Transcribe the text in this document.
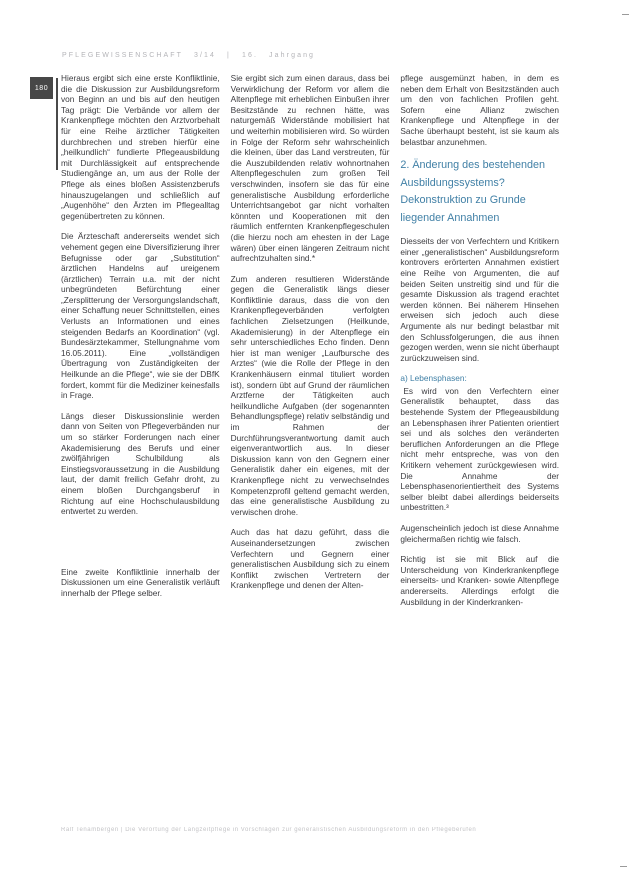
PFLEGEWISSENSCHAFT 3/14 | 16. Jahrgang
180

Hieraus ergibt sich eine erste Konfliktlinie, die die Diskussion zur Ausbildungsreform von Beginn an und bis auf den heutigen Tag prägt: Die Verbände vor allem der Krankenpflege möchten den Arztvorbehalt für eine Reihe ärztlicher Tätigkeiten durchbrechen und streben hierfür eine „heilkundlich“ fundierte Pflegeausbildung mit Durchlässigkeit auf entsprechende Studiengänge an, um aus der Rolle der Pflege als eines bloßen Assistenzberufs hinauszugelangen und schließlich auf „Augenhöhe“ den Ärzten im Pflegealltag gegenübertreten zu können.

Die Ärzteschaft andererseits wendet sich vehement gegen eine Diversifizierung ihrer Befugnisse oder gar „Substitution“ ärztlichen Handelns auf ureigenem (ärztlichen) Terrain u.a. mit der nicht unbegründeten Befürchtung einer „Zersplitterung der Versorgungslandschaft, einer Schaffung neuer Schnittstellen, eines Verlusts an Informationen und eines steigenden Bedarfs an Koordination“ (vgl. Bundesärztekammer, Stellungnahme vom 16.05.2011). Eine „vollständigen Übertragung von Zuständigkeiten der Heilkunde an die Pflege“, wie sie der DBfK fordert, kommt für die Mediziner keinesfalls in Frage.

Längs dieser Diskussionslinie werden dann von Seiten von Pflegeverbänden nur um so stärker Forderungen nach einer Akademisierung des Berufs und einer zwölfjährigen Schulbildung als Einstiegsvoraussetzung in die Ausbildung laut, der damit freilich Gefahr droht, zu einem bloßen Durchgangsberuf in Richtung auf eine Hochschulausbildung entwertet zu werden.

Eine zweite Konfliktlinie innerhalb der Diskussionen um eine Generalistik verläuft innerhalb der Pflege selber.

Sie ergibt sich zum einen daraus, dass bei Verwirklichung der Reform vor allem die Altenpflege mit erheblichen Einbußen ihrer Besitzstände zu rechnen hätte, was naturgemäß Widerstände mobilisiert hat und weiterhin mobilisieren wird. So würden in Folge der Reform sehr wahrscheinlich die kleinen, über das Land verstreuten, für die Auszubildenden relativ wohnortnahen Altenpflegeschulen zum großen Teil verschwinden, insofern sie das für eine generalistische Ausbildung erforderliche Unterrichtsangebot gar nicht vorhalten könnten und Kooperationen mit den räumlich entfernten Krankenpflegeschulen (die hierzu noch am ehesten in der Lage wären) über einen längeren Zeitraum nicht aufrechtzuhalten sind.*

Zum anderen resultieren Widerstände gegen die Generalistik längs dieser Konfliktlinie daraus, dass die von den Krankenpflegeverbänden verfolgten fachlichen Zielsetzungen (Heilkunde, Akademisierung) in der Altenpflege ein sehr unterschiedliches Echo finden. Denn hier ist man weniger „Laufbursche des Arztes“ (wie die Rolle der Pflege in den Krankenhäusern einmal tituliert worden ist), sondern übt auf Grund der räumlichen Arztferne der Tätigkeiten auch heilkundliche Aufgaben (der sogenannten Behandlungspflege) relativ selbständig und im Rahmen der Durchführungsverantwortung damit auch eigenverantwortlich aus. In dieser Diskussion kann von den Gegnern einer Generalistik daher ein eigenes, mit der Krankenpflege nicht zu verwechselndes Kompetenzprofil geltend gemacht werden, das eine generalistische Ausbildung zu verwischen drohe.

Auch das hat dazu geführt, dass die Auseinandersetzungen zwischen Verfechtern und Gegnern einer generalistischen Ausbildung sich zu einem Konflikt zwischen Vertretern der Krankenpflege und denen der Alten-

pflege ausgemünzt haben, in dem es neben dem Erhalt von Besitzständen auch um den von fachlichen Profilen geht. Sofern eine Allianz zwischen Krankenpflege und Altenpflege in der Sache überhaupt besteht, ist sie kaum als belastbar anzunehmen.

2. Änderung des bestehenden Ausbildungssystems? Dekonstruktion zu Grunde liegender Annahmen

Diesseits der von Verfechtern und Kritikern einer „generalistischen“ Ausbildungsreform kontrovers erörterten Annahmen existiert eine Reihe von Argumenten, die auf beiden Seiten unstreitig sind und für die gesamte Diskussion als tragend erachtet werden können. Bei näherem Hinsehen erweisen sich jedoch auch diese Argumente als nur bedingt belastbar mit den Schlussfolgerungen, die aus ihnen gezogen werden, wenn sie nicht überhaupt zurückzuweisen sind.

a) Lebensphasen:

Es wird von den Verfechtern einer Generalistik behauptet, dass das bestehende System der Pflegeausbildung an Lebensphasen ihrer Patienten orientiert sei und als solches den veränderten beruflichen Anforderungen an die Pflege nicht mehr entspreche, was von den Kritikern vehement zurückgewiesen wird. Die Annahme der Lebensphasenorientiertheit des Systems selber bleibt dabei allerdings beiderseits unbestritten.³

Augenscheinlich jedoch ist diese Annahme gleichermaßen richtig wie falsch.

Richtig ist sie mit Blick auf die Unterscheidung von Kinderkrankenpflege einerseits- und Kranken- sowie Altenpflege andererseits. Allerdings erfolgt die Ausbildung in der Kinderkranken-

Ralf Tenambergen | Die Verortung der Langzeitpflege in Vorschlägen zur generalistischen Ausbildungsreform in den Pflegeberufen
